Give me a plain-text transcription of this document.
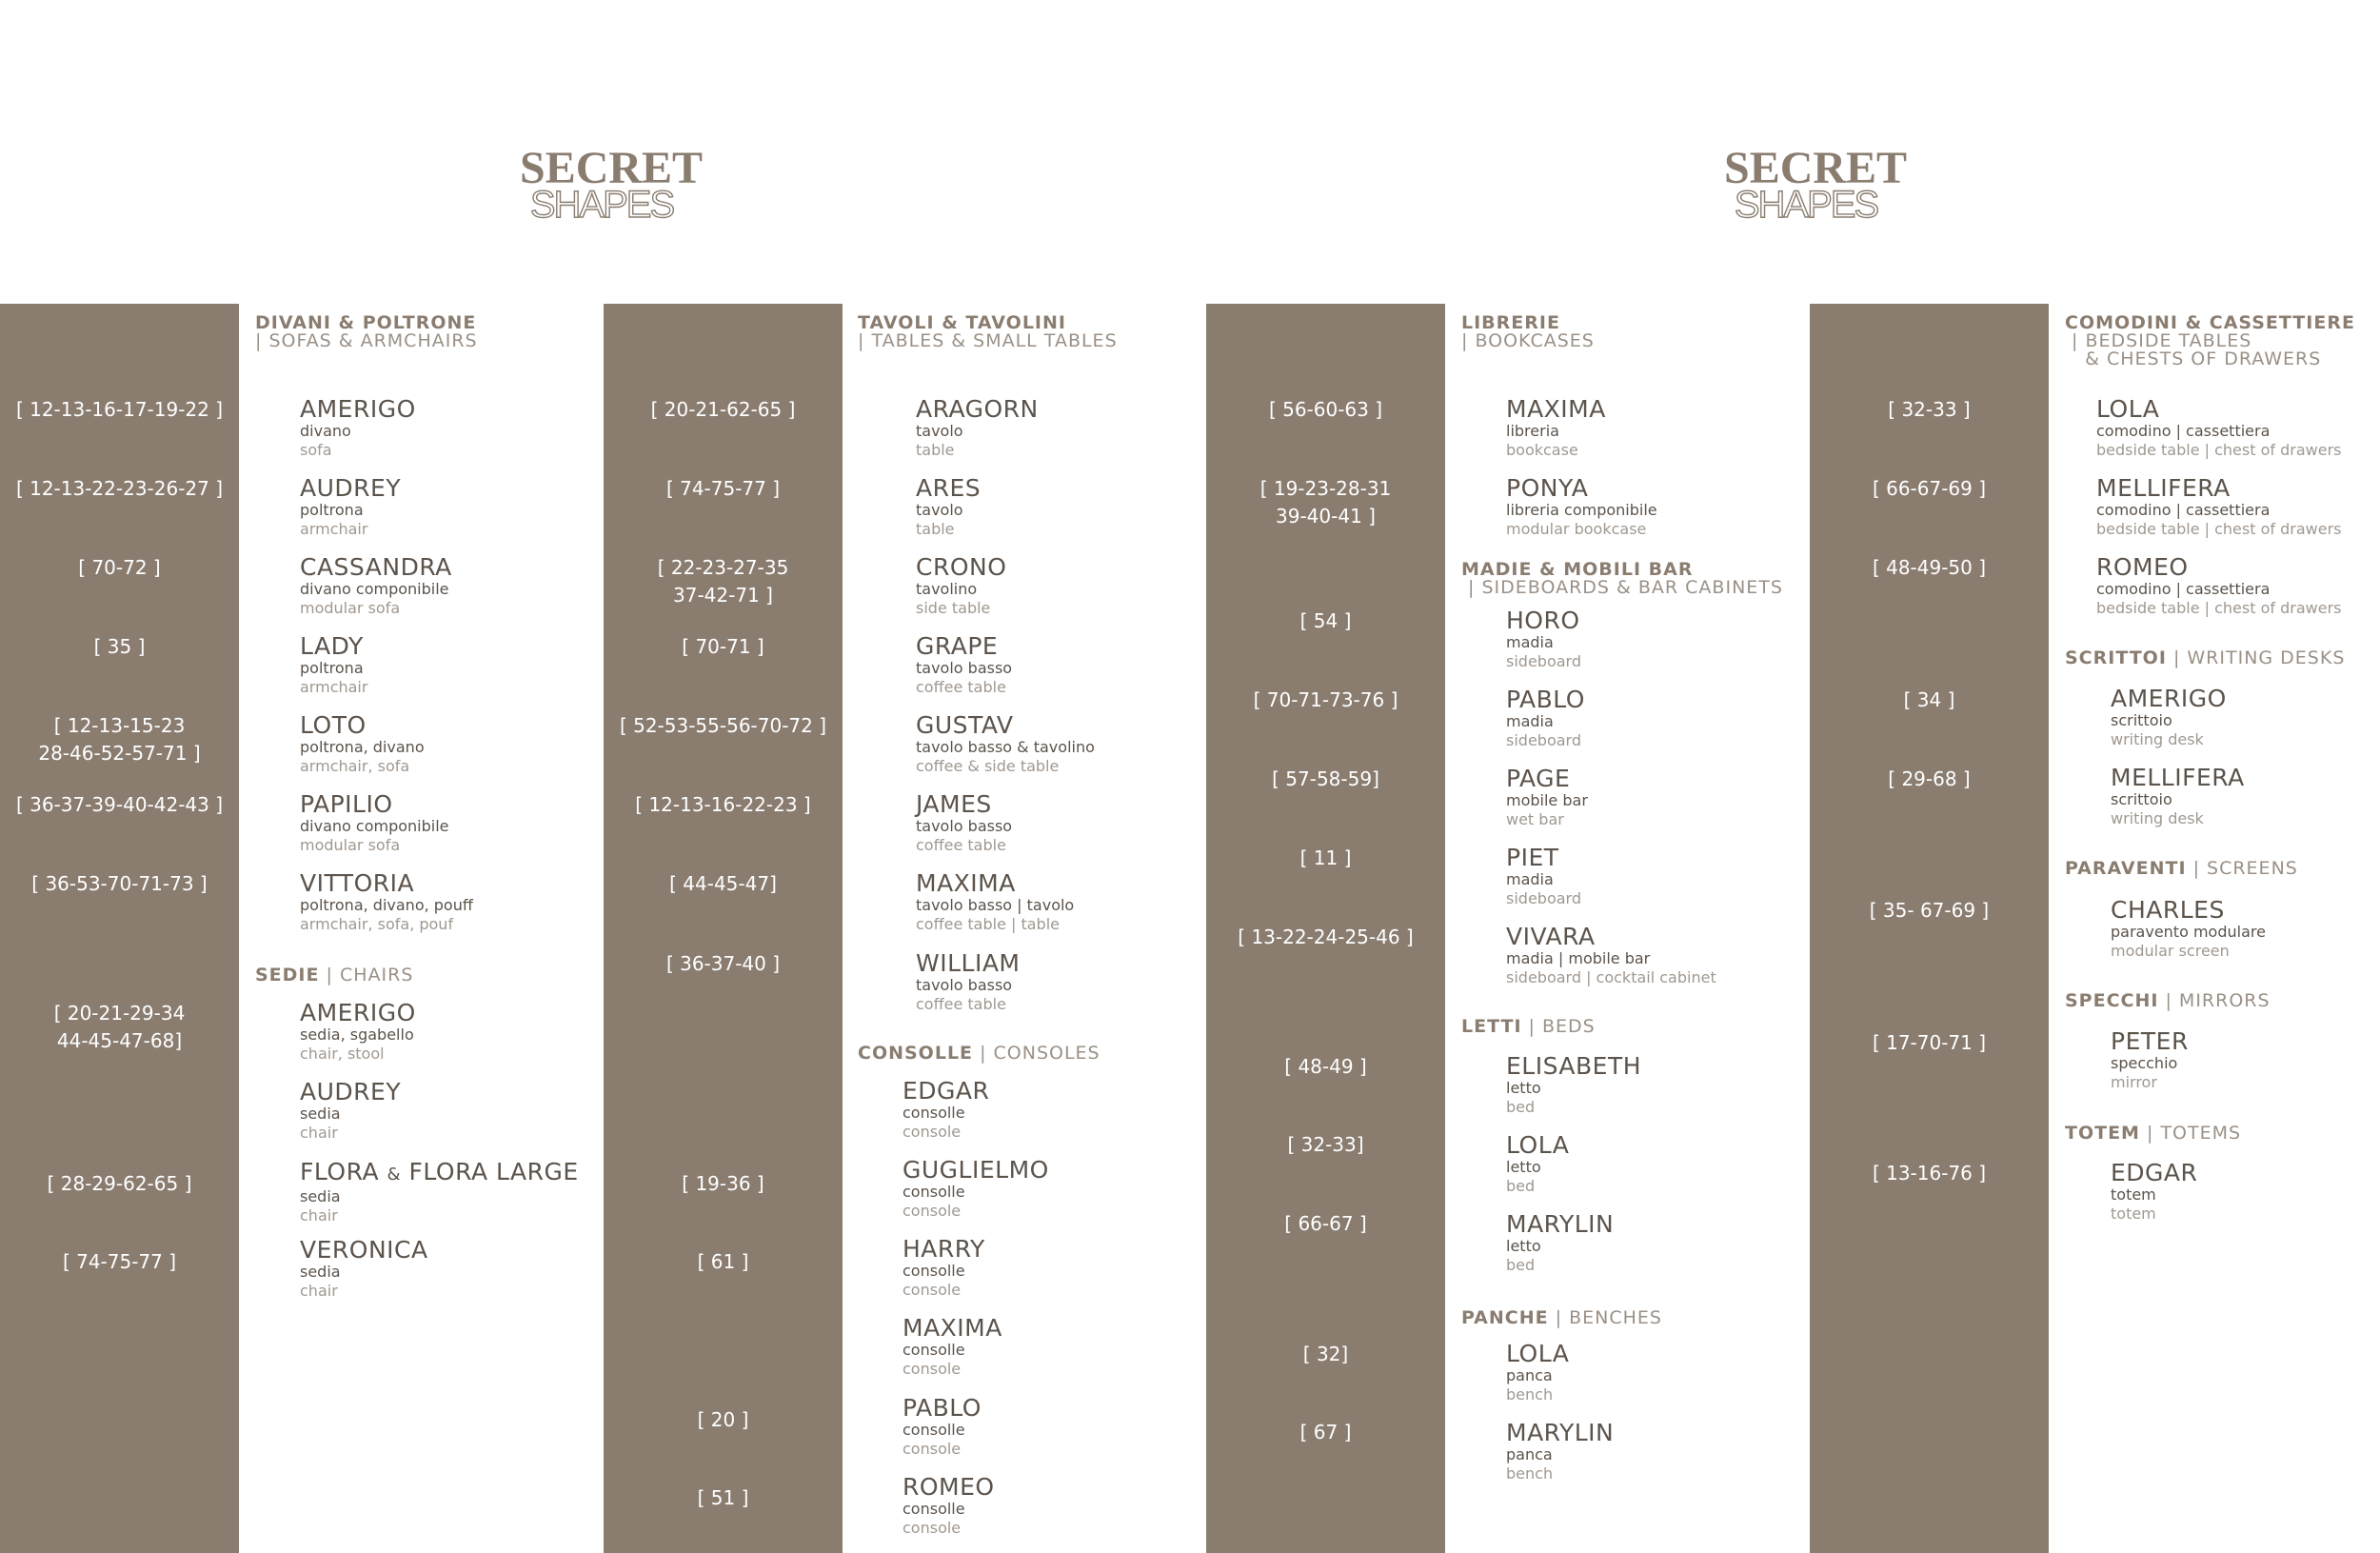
SECRET
SHAPES
SECRET
SHAPES
[ 12-13-16-17-19-22 ]
[ 12-13-22-23-26-27 ]
[ 70-72 ]
[ 35 ]
[ 12-13-15-23
28-46-52-57-71 ]
[ 36-37-39-40-42-43 ]
[ 36-53-70-71-73 ]
[ 20-21-29-34
44-45-47-68]
[ 28-29-62-65 ]
[ 74-75-77 ]
[ 20-21-62-65 ]
[ 74-75-77 ]
[ 22-23-27-35
37-42-71 ]
[ 70-71 ]
[ 52-53-55-56-70-72 ]
[ 12-13-16-22-23 ]
[ 44-45-47]
[ 36-37-40 ]
[ 19-36 ]
[ 61 ]
[ 20 ]
[ 51 ]
[ 56-60-63 ]
[ 19-23-28-31
39-40-41 ]
[ 54 ]
[ 70-71-73-76 ]
[ 57-58-59]
[ 11 ]
[ 13-22-24-25-46 ]
[ 48-49 ]
[ 32-33]
[ 66-67 ]
[ 32]
[ 67 ]
[ 32-33 ]
[ 66-67-69 ]
[ 48-49-50 ]
[ 34 ]
[ 29-68 ]
[ 35- 67-69 ]
[ 17-70-71 ]
[ 13-16-76 ]
DIVANI & POLTRONE
| SOFAS & ARMCHAIRS
SEDIE | CHAIRS
TAVOLI & TAVOLINI
| TABLES & SMALL TABLES
CONSOLLE | CONSOLES
LIBRERIE
| BOOKCASES
MADIE & MOBILI BAR
| SIDEBOARDS & BAR CABINETS
LETTI | BEDS
PANCHE | BENCHES
COMODINI & CASSETTIERE
| BEDSIDE TABLES
& CHESTS OF DRAWERS
SCRITTOI | WRITING DESKS
PARAVENTI | SCREENS
SPECCHI | MIRRORS
TOTEM | TOTEMS
AMERIGO
divano
sofa
AUDREY
poltrona
armchair
CASSANDRA
divano componibile
modular sofa
LADY
poltrona
armchair
LOTO
poltrona, divano
armchair, sofa
PAPILIO
divano componibile
modular sofa
VITTORIA
poltrona, divano, pouff
armchair, sofa, pouf
AMERIGO
sedia, sgabello
chair, stool
AUDREY
sedia
chair
FLORA & FLORA LARGE
sedia
chair
VERONICA
sedia
chair
ARAGORN
tavolo
table
ARES
tavolo
table
CRONO
tavolino
side table
GRAPE
tavolo basso
coffee table
GUSTAV
tavolo basso & tavolino
coffee & side table
JAMES
tavolo basso
coffee table
MAXIMA
tavolo basso | tavolo
coffee table | table
WILLIAM
tavolo basso
coffee table
EDGAR
consolle
console
GUGLIELMO
consolle
console
HARRY
consolle
console
MAXIMA
consolle
console
PABLO
consolle
console
ROMEO
consolle
console
MAXIMA
libreria
bookcase
PONYA
libreria componibile
modular bookcase
HORO
madia
sideboard
PABLO
madia
sideboard
PAGE
mobile bar
wet bar
PIET
madia
sideboard
VIVARA
madia | mobile bar
sideboard | cocktail cabinet
ELISABETH
letto
bed
LOLA
letto
bed
MARYLIN
letto
bed
LOLA
panca
bench
MARYLIN
panca
bench
LOLA
comodino | cassettiera
bedside table | chest of drawers
MELLIFERA
comodino | cassettiera
bedside table | chest of drawers
ROMEO
comodino | cassettiera
bedside table | chest of drawers
AMERIGO
scrittoio
writing desk
MELLIFERA
scrittoio
writing desk
CHARLES
paravento modulare
modular screen
PETER
specchio
mirror
EDGAR
totem
totem
